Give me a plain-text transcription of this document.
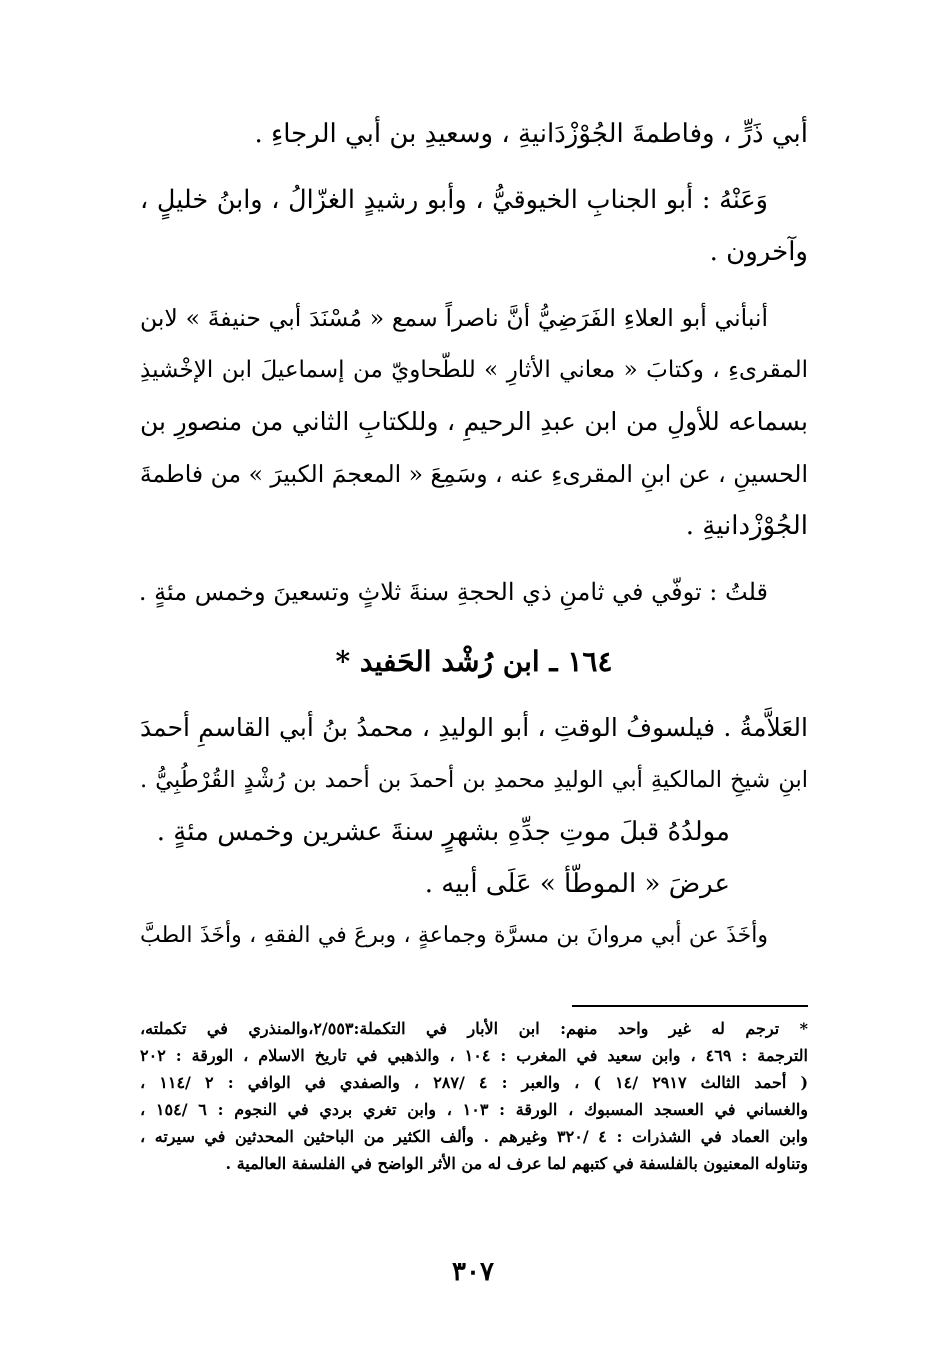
أبي ذَرٍّ ، وفاطمةَ الجُوْزْدَانيةِ ، وسعيدِ بن أبي الرجاءِ .
وَعَنْهُ : أبو الجنابِ الخيوقيُّ ، وأبو رشيدٍ الغزّالُ ، وابنُ خليلٍ ،
وآخرون .
أنبأني أبو العلاءِ الفَرَضِيُّ أنَّ ناصراً سمع « مُسْنَدَ أبي حنيفةَ » لابن
المقرىءِ ، وكتابَ « معاني الأثارِ » للطّحاويّ من إسماعيلَ ابن الإخْشيذِ
بسماعه للأولِ من ابن عبدِ الرحيمِ ، وللكتابِ الثاني من منصورِ بن
الحسينِ ، عن ابنِ المقرىءِ عنه ، وسَمِعَ « المعجمَ الكبيرَ » من فاطمةَ
الجُوْزْدانيةِ .
قلتُ : توفّي في ثامنِ ذي الحجةِ سنةَ ثلاثٍ وتسعينَ وخمس مئةٍ .
١٦٤ ـ ابن رُشْد الحَفيد *
العَلاَّمةُ . فيلسوفُ الوقتِ ، أبو الوليدِ ، محمدُ بنُ أبي القاسمِ أحمدَ
ابنِ شيخِ المالكيةِ أبي الوليدِ محمدِ بن أحمدَ بن أحمد بن رُشْدٍ القُرْطُبِيُّ .
مولدُهُ قبلَ موتِ جدِّهِ بشهرٍ سنةَ عشرين وخمس مئةٍ .
عرضَ « الموطّأ » عَلَى أبيه .
وأخَذَ عن أبي مروانَ بن مسرَّة وجماعةٍ ، وبرعَ في الفقهِ ، وأخَذَ الطبَّ
* ترجم له غير واحد منهم: ابن الأبار في التكملة:٢/٥٥٣،والمنذري في تكملته،
الترجمة : ٤٦٩ ، وابن سعيد في المغرب : ١٠٤ ، والذهبي في تاريخ الاسلام ، الورقة : ٢٠٢
( أحمد الثالث ٢٩١٧ /١٤ ) ، والعبر : ٤ /٢٨٧ ، والصفدي في الوافي : ٢ /١١٤ ،
والغساني في العسجد المسبوك ، الورقة : ١٠٣ ، وابن تغري بردي في النجوم : ٦ /١٥٤ ،
وابن العماد في الشذرات : ٤ /٣٢٠ وغيرهم . وألف الكثير من الباحثين المحدثين في سيرته ،
وتناوله المعنيون بالفلسفة في كتبهم لما عرف له من الأثر الواضح في الفلسفة العالمية .
٣٠٧
